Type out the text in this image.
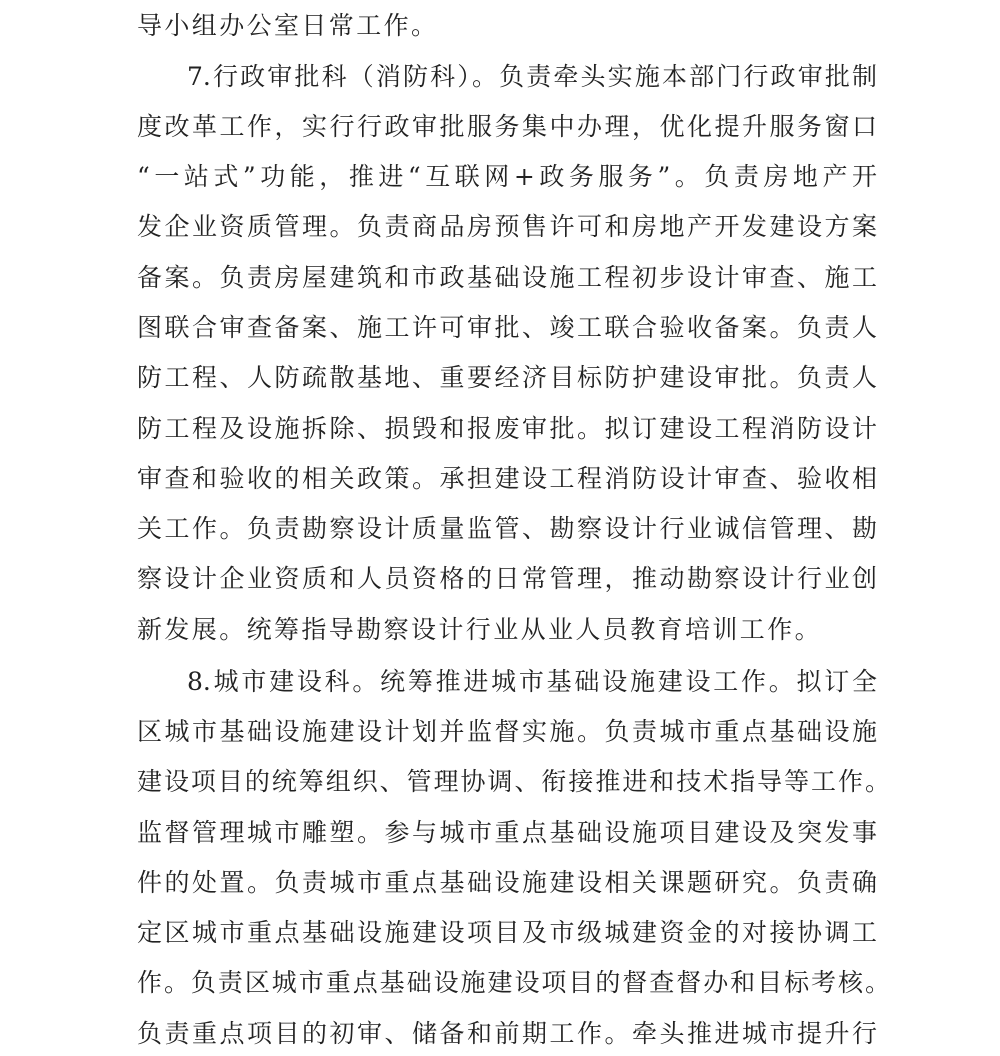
导小组办公室日常工作。

7.行政审批科（消防科）。负责牵头实施本部门行政审批制

度改革工作，实行行政审批服务集中办理，优化提升服务窗口

“一站式”功能，推进“互联网+政务服务”。负责房地产开

发企业资质管理。负责商品房预售许可和房地产开发建设方案

备案。负责房屋建筑和市政基础设施工程初步设计审查、施工

图联合审查备案、施工许可审批、竣工联合验收备案。负责人

防工程、人防疏散基地、重要经济目标防护建设审批。负责人

防工程及设施拆除、损毁和报废审批。拟订建设工程消防设计

审查和验收的相关政策。承担建设工程消防设计审查、验收相

关工作。负责勘察设计质量监管、勘察设计行业诚信管理、勘

察设计企业资质和人员资格的日常管理，推动勘察设计行业创

新发展。统筹指导勘察设计行业从业人员教育培训工作。

8.城市建设科。统筹推进城市基础设施建设工作。拟订全

区城市基础设施建设计划并监督实施。负责城市重点基础设施

建设项目的统筹组织、管理协调、衔接推进和技术指导等工作。

监督管理城市雕塑。参与城市重点基础设施项目建设及突发事

件的处置。负责城市重点基础设施建设相关课题研究。负责确

定区城市重点基础设施建设项目及市级城建资金的对接协调工

作。负责区城市重点基础设施建设项目的督查督办和目标考核。

负责重点项目的初审、储备和前期工作。牵头推进城市提升行
